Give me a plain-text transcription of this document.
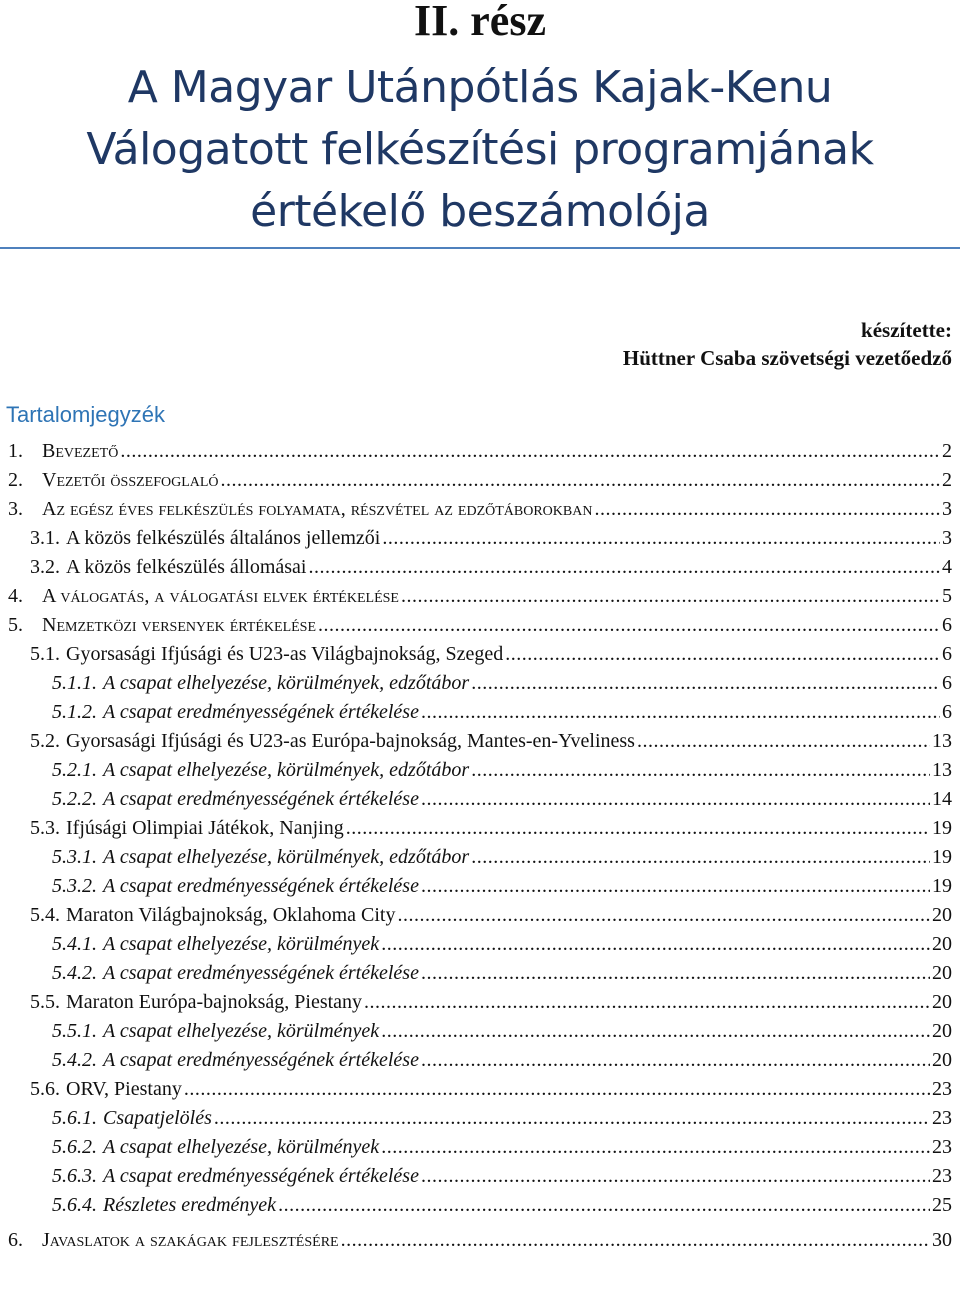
II. rész
A Magyar Utánpótlás Kajak-Kenu
Válogatott felkészítési programjának
értékelő beszámolója
készítette:
Hüttner Csaba szövetségi vezetőedző
Tartalomjegyzék
1. Bevezető .....	2
2. Vezetői összefoglaló .....	2
3. Az egész éves felkészülés folyamata, részvétel az edzőtáborokban .....	3
3.1. A közös felkészülés általános jellemzői .....	3
3.2. A közös felkészülés állomásai .....	4
4. A válogatás, a válogatási elvek értékelése .....	5
5. Nemzetközi versenyek értékelése .....	6
5.1. Gyorsasági Ifjúsági és U23-as Világbajnokság, Szeged .....	6
5.1.1. A csapat elhelyezése, körülmények, edzőtábor .....	6
5.1.2. A csapat eredményességének értékelése .....	6
5.2. Gyorsasági Ifjúsági és U23-as Európa-bajnokság, Mantes-en-Yveliness .....	13
5.2.1. A csapat elhelyezése, körülmények, edzőtábor .....	13
5.2.2. A csapat eredményességének értékelése .....	14
5.3. Ifjúsági Olimpiai Játékok, Nanjing .....	19
5.3.1. A csapat elhelyezése, körülmények, edzőtábor .....	19
5.3.2. A csapat eredményességének értékelése .....	19
5.4. Maraton Világbajnokság, Oklahoma City .....	20
5.4.1. A csapat elhelyezése, körülmények .....	20
5.4.2. A csapat eredményességének értékelése .....	20
5.5. Maraton Európa-bajnokság, Piestany .....	20
5.5.1. A csapat elhelyezése, körülmények .....	20
5.4.2. A csapat eredményességének értékelése .....	20
5.6. ORV, Piestany .....	23
5.6.1. Csapatjelölés .....	23
5.6.2. A csapat elhelyezése, körülmények .....	23
5.6.3. A csapat eredményességének értékelése .....	23
5.6.4. Részletes eredmények .....	25
6. Javaslatok a szakágak fejlesztésére .....	30
